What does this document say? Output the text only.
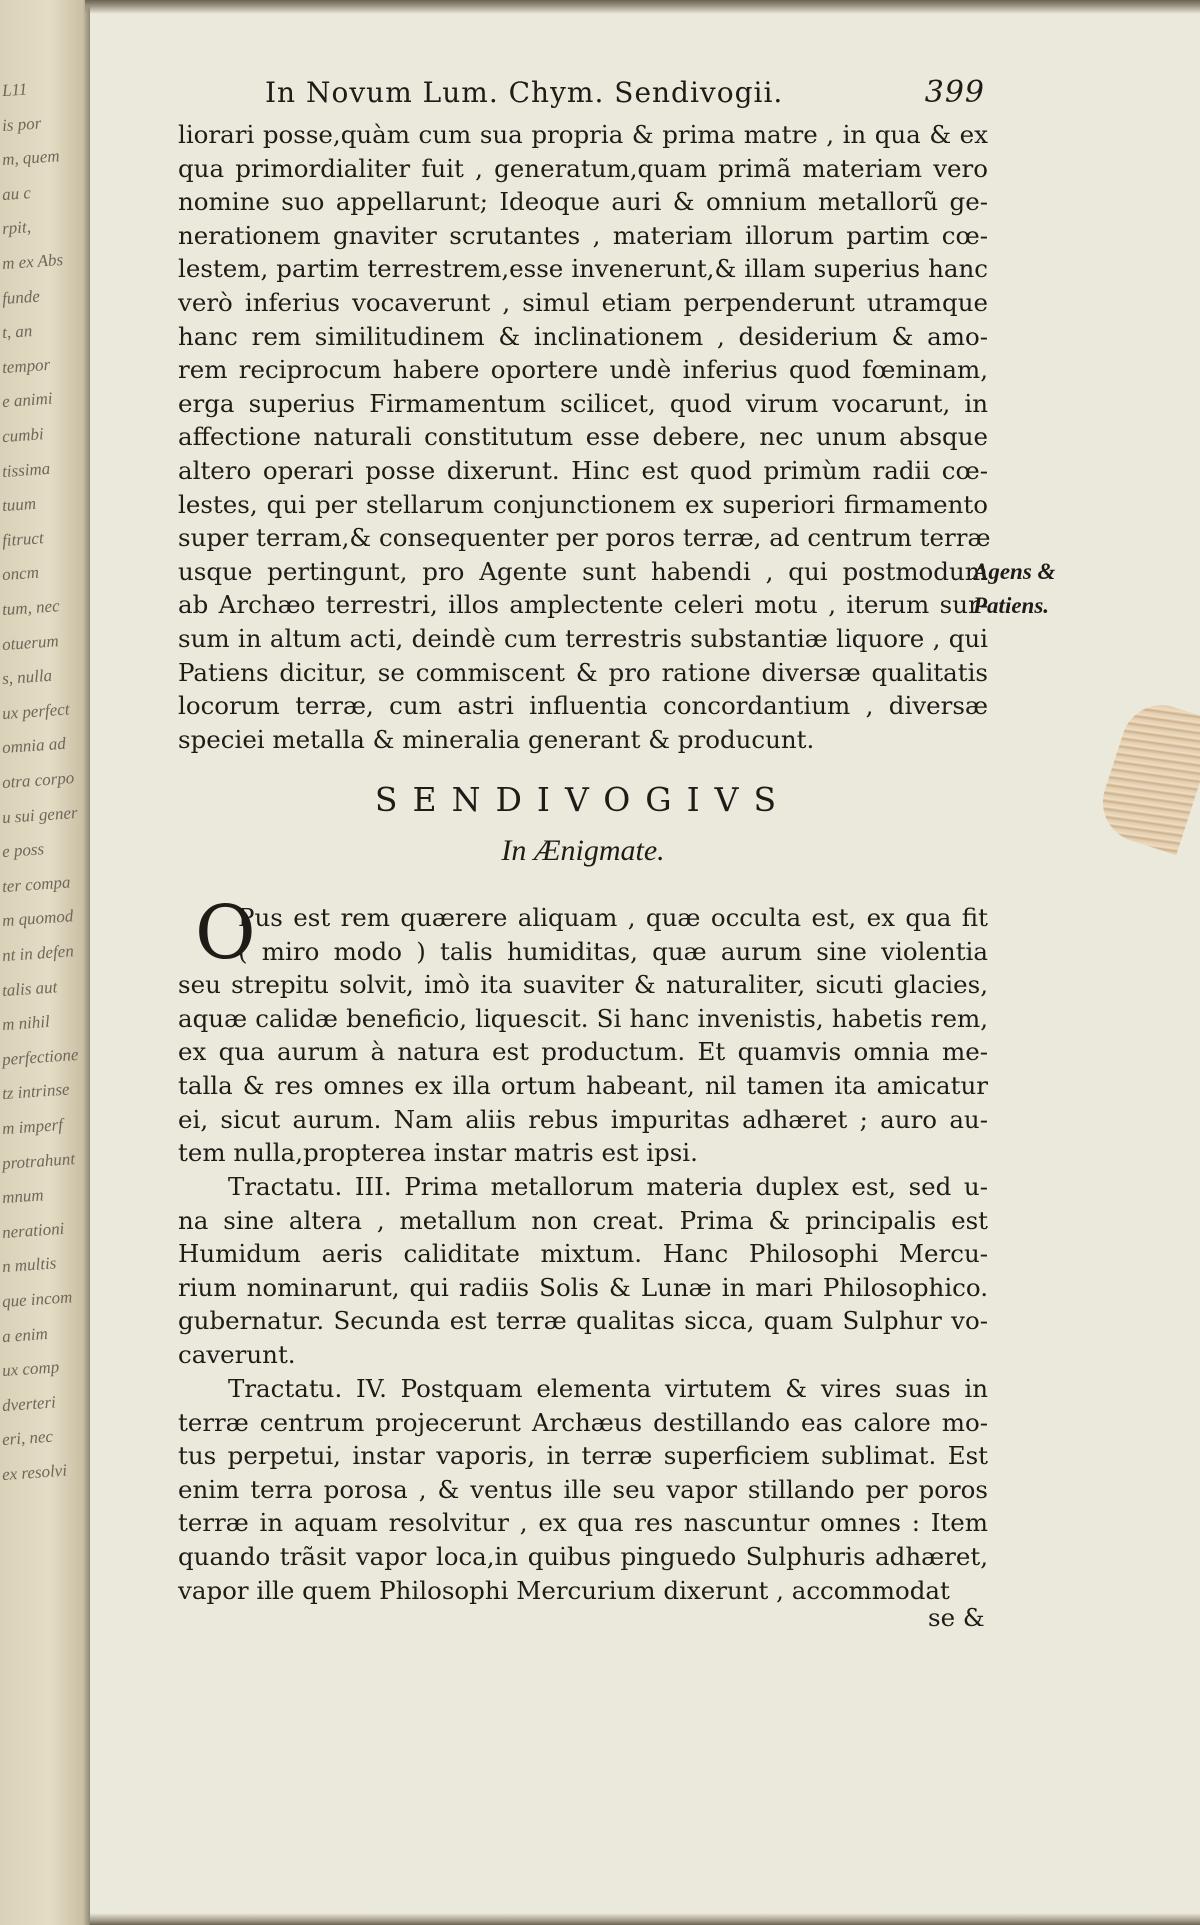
L11
is por
m, quem
au c
rpit,
m ex Abs
funde
t, an
tempor
e animi
cumbi
tissima
tuum
fitruct
oncm
tum, nec
otuerum
s, nulla
ux perfect
omnia ad
otra corpo
u sui gener
e poss
ter compa
m quomod
nt in defen
talis aut
m nihil
perfectione
tz intrinse
m imperf
protrahunt
mnum
nerationi
n multis
que incom
a enim
ux comp
dverteri
eri, nec
ex resolvi
In Novum Lum. Chym. Sendivogii.	399
liorari posse,quàm cum sua propria & prima matre , in qua & ex
qua primordialiter fuit , generatum,quam primã materiam vero
nomine suo appellarunt; Ideoque auri & omnium metallorũ ge-
nerationem gnaviter scrutantes , materiam illorum partim cœ-
lestem, partim terrestrem,esse invenerunt,& illam superius hanc
verò inferius vocaverunt , simul etiam perpenderunt utramque
hanc rem similitudinem & inclinationem , desiderium & amo-
rem reciprocum habere oportere undè inferius quod fœminam,
erga superius Firmamentum scilicet, quod virum vocarunt, in
affectione naturali constitutum esse debere, nec unum absque
altero operari posse dixerunt. Hinc est quod primùm radii cœ-
lestes, qui per stellarum conjunctionem ex superiori firmamento
super terram,& consequenter per poros terræ, ad centrum terræ
usque pertingunt, pro Agente sunt habendi , qui postmodum
ab Archæo terrestri, illos amplectente celeri motu , iterum sur-
sum in altum acti, deindè cum terrestris substantiæ liquore , qui
Patiens dicitur, se commiscent & pro ratione diversæ qualitatis
locorum terræ, cum astri influentia concordantium , diversæ
speciei metalla & mineralia generant & producunt.
Agens &
Patiens.
SENDIVOGIVS
In Ænigmate.
O
Pus est rem quærere aliquam , quæ occulta est, ex qua fit
( miro modo ) talis humiditas, quæ aurum sine violentia
seu strepitu solvit, imò ita suaviter & naturaliter, sicuti glacies,
aquæ calidæ beneficio, liquescit. Si hanc invenistis, habetis rem,
ex qua aurum à natura est productum. Et quamvis omnia me-
talla & res omnes ex illa ortum habeant, nil tamen ita amicatur
ei, sicut aurum. Nam aliis rebus impuritas adhæret ; auro au-
tem nulla,propterea instar matris est ipsi.
Tractatu. III. Prima metallorum materia duplex est, sed u-
na sine altera , metallum non creat. Prima & principalis est
Humidum aeris caliditate mixtum. Hanc Philosophi Mercu-
rium nominarunt, qui radiis Solis & Lunæ in mari Philosophico.
gubernatur. Secunda est terræ qualitas sicca, quam Sulphur vo-
caverunt.
Tractatu. IV. Postquam elementa virtutem & vires suas in
terræ centrum projecerunt Archæus destillando eas calore mo-
tus perpetui, instar vaporis, in terræ superficiem sublimat. Est
enim terra porosa , & ventus ille seu vapor stillando per poros
terræ in aquam resolvitur , ex qua res nascuntur omnes : Item
quando trãsit vapor loca,in quibus pinguedo Sulphuris adhæret,
vapor ille quem Philosophi Mercurium dixerunt , accommodat
se &
